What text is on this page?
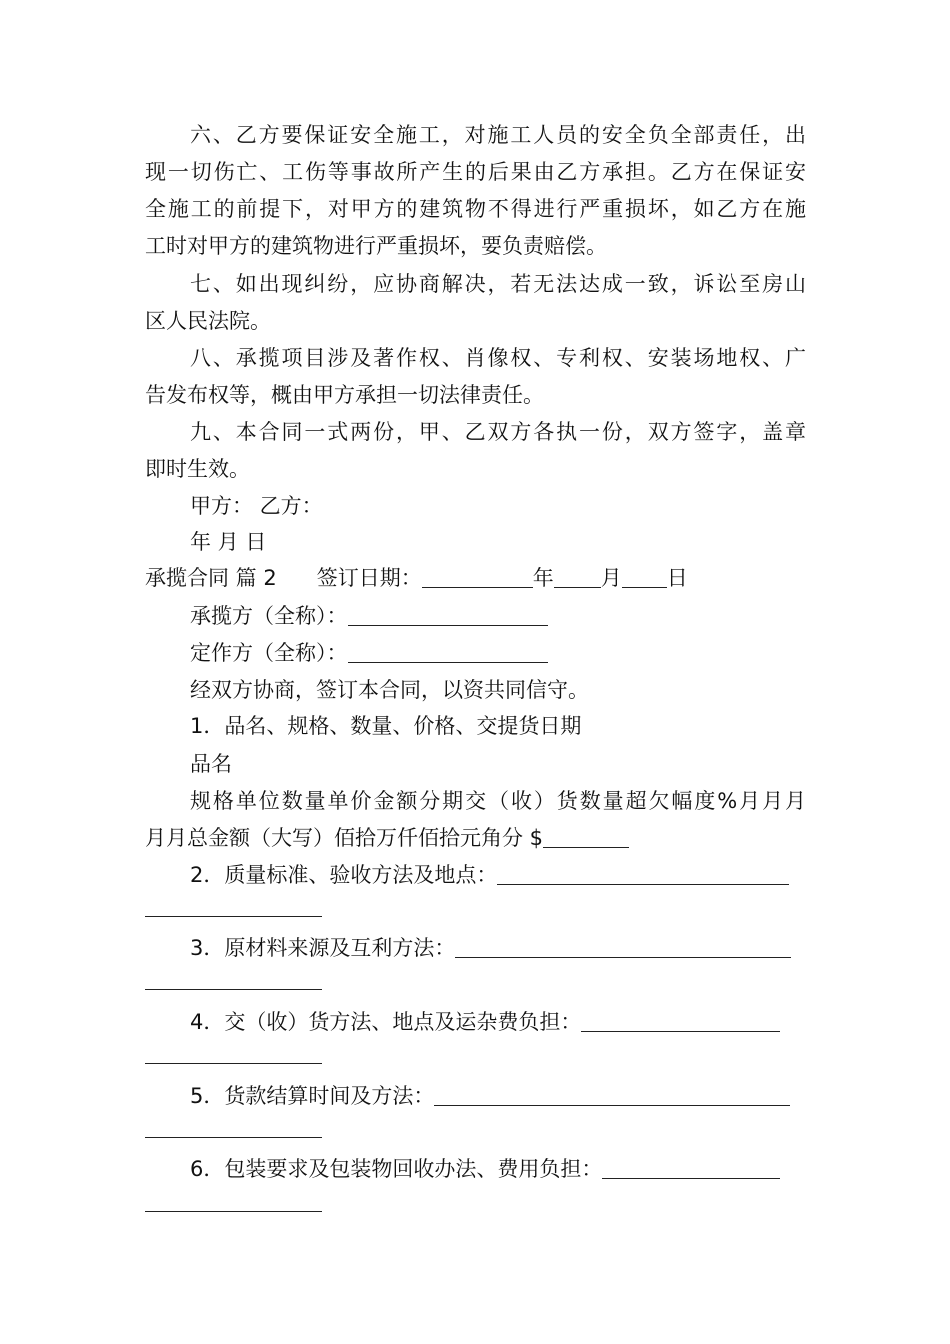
六、乙方要保证安全施工，对施工人员的安全负全部责任，出
现一切伤亡、工伤等事故所产生的后果由乙方承担。乙方在保证安
全施工的前提下，对甲方的建筑物不得进行严重损坏，如乙方在施
工时对甲方的建筑物进行严重损坏，要负责赔偿。
七、如出现纠纷，应协商解决，若无法达成一致，诉讼至房山
区人民法院。
八、承揽项目涉及著作权、肖像权、专利权、安装场地权、广
告发布权等，概由甲方承担一切法律责任。
九、本合同一式两份，甲、乙双方各执一份，双方签字，盖章
即时生效。
甲方： 乙方：
年 月 日
承揽合同 篇 2 签订日期：	年 月 日
承揽方（全称）：
定作方（全称）：
经双方协商，签订本合同，以资共同信守。
1．品名、规格、数量、价格、交提货日期
品名
规格单位数量单价金额分期交（收）货数量超欠幅度%月月月
月月总金额（大写）佰拾万仟佰拾元角分 $
2．质量标准、验收方法及地点：
3．原材料来源及互利方法：
4．交（收）货方法、地点及运杂费负担：
5．货款结算时间及方法：
6．包装要求及包装物回收办法、费用负担：
